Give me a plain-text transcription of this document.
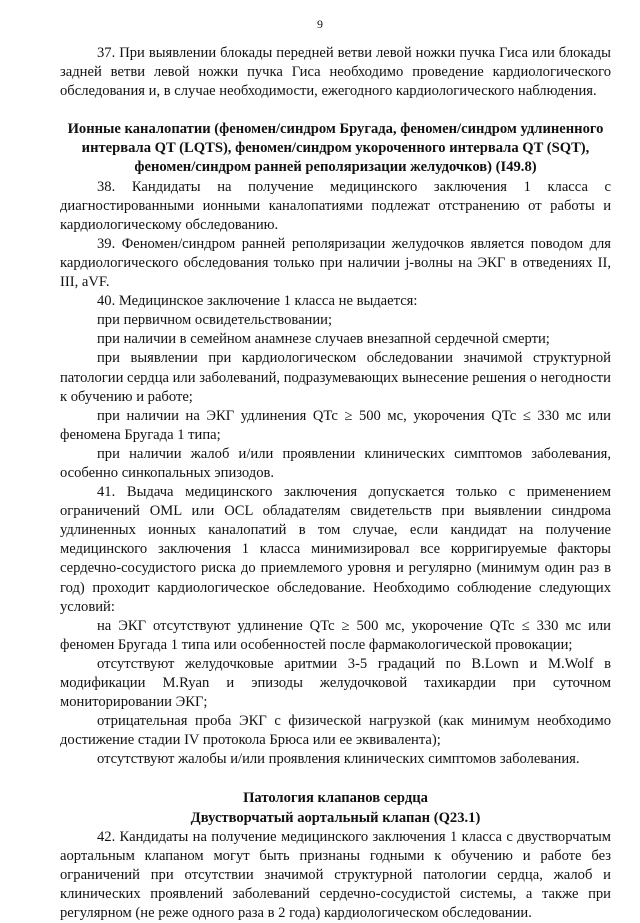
9

37. При выявлении блокады передней ветви левой ножки пучка Гиса или блокады задней ветви левой ножки пучка Гиса необходимо проведение кардиологического обследования и, в случае необходимости, ежегодного кардиологического наблюдения.

Ионные каналопатии (феномен/синдром Бругада, феномен/синдром удлиненного интервала QT (LQTS), феномен/синдром укороченного интервала QT (SQT), феномен/синдром ранней реполяризации желудочков) (I49.8)

38. Кандидаты на получение медицинского заключения 1 класса с диагностированными ионными каналопатиями подлежат отстранению от работы и кардиологическому обследованию.

39. Феномен/синдром ранней реполяризации желудочков является поводом для кардиологического обследования только при наличии j-волны на ЭКГ в отведениях II, III, aVF.

40. Медицинское заключение 1 класса не выдается:

при первичном освидетельствовании;

при наличии в семейном анамнезе случаев внезапной сердечной смерти;

при выявлении при кардиологическом обследовании значимой структурной патологии сердца или заболеваний, подразумевающих вынесение решения о негодности к обучению и работе;

при наличии на ЭКГ удлинения QTc ≥ 500 мс, укорочения QTc ≤ 330 мс или феномена Бругада 1 типа;

при наличии жалоб и/или проявлении клинических симптомов заболевания, особенно синкопальных эпизодов.

41. Выдача медицинского заключения допускается только с применением ограничений OML или OCL обладателям свидетельств при выявлении синдрома удлиненных ионных каналопатий в том случае, если кандидат на получение медицинского заключения 1 класса минимизировал все корригируемые факторы сердечно-сосудистого риска до приемлемого уровня и регулярно (минимум один раз в год) проходит кардиологическое обследование. Необходимо соблюдение следующих условий:

на ЭКГ отсутствуют удлинение QTc ≥ 500 мс, укорочение QTc ≤ 330 мс или феномен Бругада 1 типа или особенностей после фармакологической провокации;

отсутствуют желудочковые аритмии 3-5 градаций по B.Lown и M.Wolf в модификации M.Ryan и эпизоды желудочковой тахикардии при суточном мониторировании ЭКГ;

отрицательная проба ЭКГ с физической нагрузкой (как минимум необходимо достижение стадии IV протокола Брюса или ее эквивалента);

отсутствуют жалобы и/или проявления клинических симптомов заболевания.

Патология клапанов сердца

Двустворчатый аортальный клапан (Q23.1)

42. Кандидаты на получение медицинского заключения 1 класса с двустворчатым аортальным клапаном могут быть признаны годными к обучению и работе без ограничений при отсутствии значимой структурной патологии сердца, жалоб и клинических проявлений заболеваний сердечно-сосудистой системы, а также при регулярном (не реже одного раза в 2 года) кардиологическом обследовании.
